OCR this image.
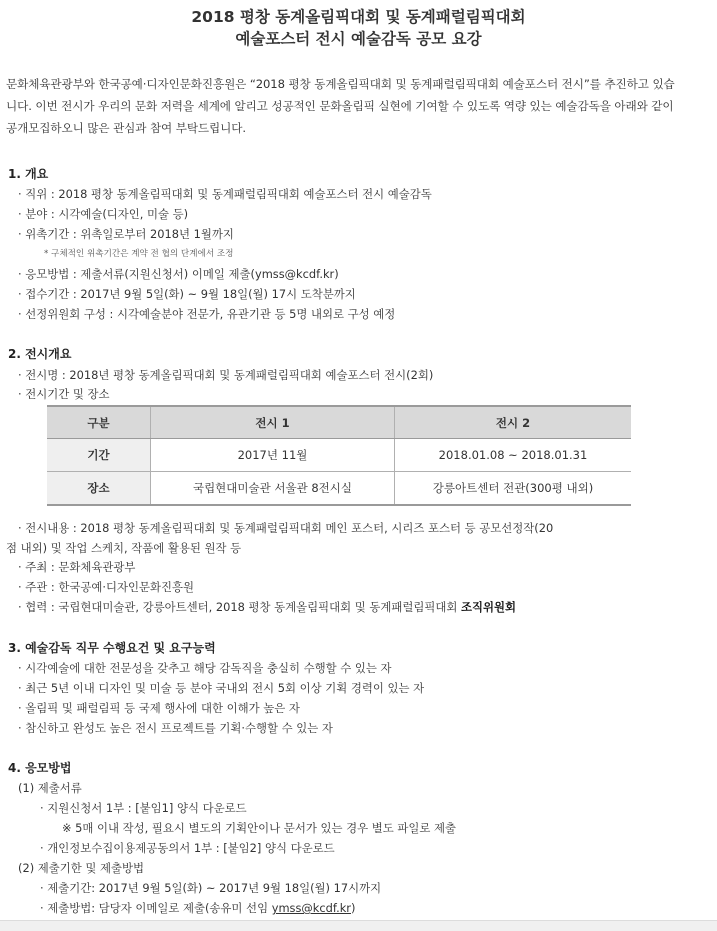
2018 평창 동계올림픽대회 및 동계패럴림픽대회
예술포스터 전시 예술감독 공모 요강
문화체육관광부와 한국공예·디자인문화진흥원은 “2018 평창 동계올림픽대회 및 동계패럴림픽대회 예술포스터 전시”를 추진하고 있습니다. 이번 전시가 우리의 문화 저력을 세계에 알리고 성공적인 문화올림픽 실현에 기여할 수 있도록 역량 있는 예술감독을 아래와 같이 공개모집하오니 많은 관심과 참여 부탁드립니다.
1. 개요
· 직위 : 2018 평창 동계올림픽대회 및 동계패럴림픽대회 예술포스터 전시 예술감독
· 분야 : 시각예술(디자인, 미술 등)
· 위촉기간 : 위촉일로부터 2018년 1월까지
* 구체적인 위촉기간은 계약 전 협의 단계에서 조정
· 응모방법 : 제출서류(지원신청서) 이메일 제출(ymss@kcdf.kr)
· 접수기간 : 2017년 9월 5일(화) ~ 9월 18일(월) 17시 도착분까지
· 선정위원회 구성 : 시각예술분야 전문가, 유관기관 등 5명 내외로 구성 예정
2. 전시개요
· 전시명 : 2018년 평창 동계올림픽대회 및 동계패럴림픽대회 예술포스터 전시(2회)
· 전시기간 및 장소
구분	전시 1	전시 2
기간	2017년 11월	2018.01.08 ~ 2018.01.31
장소	국립현대미술관 서울관 8전시실	강릉아트센터 전관(300평 내외)
· 전시내용 : 2018 평창 동계올림픽대회 및 동계패럴림픽대회 메인 포스터, 시리즈 포스터 등 공모선정작(20
점 내외) 및 작업 스케치, 작품에 활용된 원작 등
· 주최 : 문화체육관광부
· 주관 : 한국공예·디자인문화진흥원
· 협력 : 국립현대미술관, 강릉아트센터, 2018 평창 동계올림픽대회 및 동계패럴림픽대회 조직위원회
3. 예술감독 직무 수행요건 및 요구능력
· 시각예술에 대한 전문성을 갖추고 해당 감독직을 충실히 수행할 수 있는 자
· 최근 5년 이내 디자인 및 미술 등 분야 국내외 전시 5회 이상 기획 경력이 있는 자
· 올림픽 및 패럴림픽 등 국제 행사에 대한 이해가 높은 자
· 참신하고 완성도 높은 전시 프로젝트를 기획·수행할 수 있는 자
4. 응모방법
(1) 제출서류
· 지원신청서 1부 : [붙임1] 양식 다운로드
※ 5매 이내 작성, 필요시 별도의 기획안이나 문서가 있는 경우 별도 파일로 제출
· 개인정보수집이용제공동의서 1부 : [붙임2] 양식 다운로드
(2) 제출기한 및 제출방법
· 제출기간: 2017년 9월 5일(화) ~ 2017년 9월 18일(월) 17시까지
· 제출방법: 담당자 이메일로 제출(송유미 선임 ymss@kcdf.kr)
